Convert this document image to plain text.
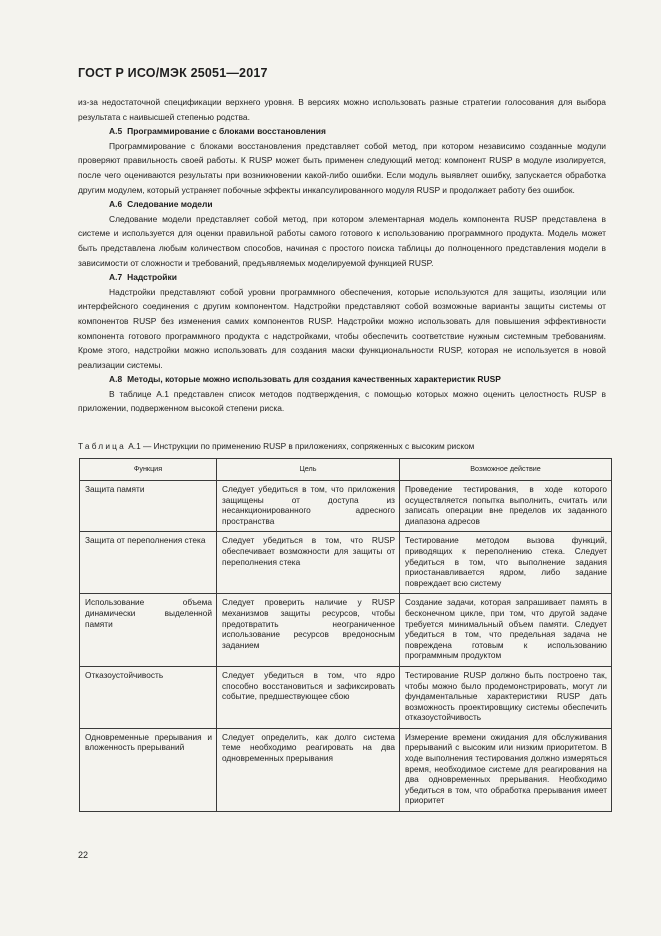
ГОСТ Р ИСО/МЭК 25051—2017

из-за недостаточной спецификации верхнего уровня. В версиях можно использовать разные стратегии голосования для выбора результата с наивысшей степенью родства.

А.5 Программирование с блоками восстановления

Программирование с блоками восстановления представляет собой метод, при котором независимо созданные модули проверяют правильность своей работы. К RUSP может быть применен следующий метод: компонент RUSP в модуле изолируется, после чего оцениваются результаты при возникновении какой-либо ошибки. Если модуль выявляет ошибку, запускается обработка другим модулем, который устраняет побочные эффекты инкапсулированного модуля RUSP и продолжает работу без ошибок.

А.6 Следование модели

Следование модели представляет собой метод, при котором элементарная модель компонента RUSP представлена в системе и используется для оценки правильной работы самого готового к использованию программного продукта. Модель может быть представлена любым количеством способов, начиная с простого поиска таблицы до полноценного представления модели в зависимости от сложности и требований, предъявляемых моделируемой функцией RUSP.

А.7 Надстройки

Надстройки представляют собой уровни программного обеспечения, которые используются для защиты, изоляции или интерфейсного соединения с другим компонентом. Надстройки представляют собой возможные варианты защиты системы от компонентов RUSP без изменения самих компонентов RUSP. Надстройки можно использовать для повышения эффективности компонента готового программного продукта с надстройками, чтобы обеспечить соответствие нужным системным требованиям. Кроме этого, надстройки можно использовать для создания маски функциональности RUSP, которая не используется в новой реализации системы.

А.8 Методы, которые можно использовать для создания качественных характеристик RUSP

В таблице А.1 представлен список методов подтверждения, с помощью которых можно оценить целостность RUSP в приложении, подверженном высокой степени риска.

Таблица А.1 — Инструкции по применению RUSP в приложениях, сопряженных с высоким риском
Функция	Цель	Возможное действие
Защита памяти	Следует убедиться в том, что приложения защищены от доступа из несанкционированного адресного пространства	Проведение тестирования, в ходе которого осуществляется попытка выполнить, считать или записать операции вне пределов их заданного диапазона адресов
Защита от переполнения стека	Следует убедиться в том, что RUSP обеспечивает возможности для защиты от переполнения стека	Тестирование методом вызова функций, приводящих к переполнению стека. Следует убедиться в том, что выполнение задания приостанавливается ядром, либо задание повреждает всю систему
Использование объема динамически выделенной памяти	Следует проверить наличие у RUSP механизмов защиты ресурсов, чтобы предотвратить неограниченное использование ресурсов вредоносным заданием	Создание задачи, которая запрашивает память в бесконечном цикле, при том, что другой задаче требуется минимальный объем памяти. Следует убедиться в том, что предельная задача не повреждена готовым к использованию программным продуктом
Отказоустойчивость	Следует убедиться в том, что ядро способно восстановиться и зафиксировать событие, предшествующее сбою	Тестирование RUSP должно быть построено так, чтобы можно было продемонстрировать, могут ли фундаментальные характеристики RUSP дать возможность проектировщику системы обеспечить отказоустойчивость
Одновременные прерывания и вложенность прерываний	Следует определить, как долго система теме необходимо реагировать на два одновременных прерывания	Измерение времени ожидания для обслуживания прерываний с высоким или низким приоритетом. В ходе выполнения тестирования должно измеряться время, необходимое системе для реагирования на два одновременных прерывания. Необходимо убедиться в том, что обработка прерывания имеет приоритет
22
